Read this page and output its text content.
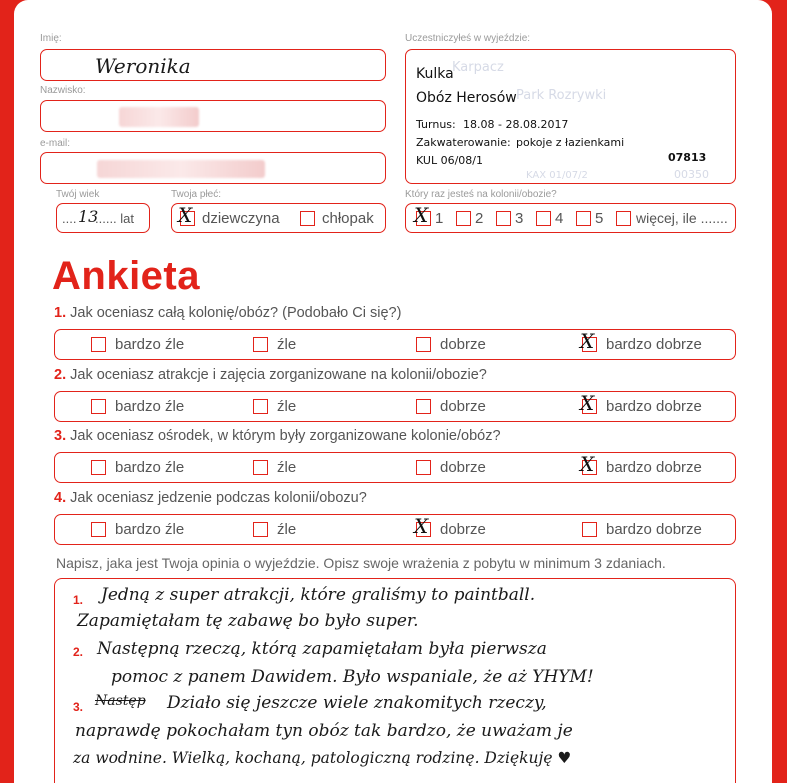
Imię:
Weronika
Nazwisko:
e-mail:
Twój wiek
.... 13
...... lat
Twoja płeć:
X dziewczyna	chłopak
Uczestniczyłeś w wyjeździe:
Karpacz
Park Rozrywki
KAX 01/07/2	00350
Kulka
Obóz Herosów
Turnus: 18.08 - 28.08.2017
Zakwaterowanie: pokoje z łazienkami
KUL 06/08/1	07813
Który raz jesteś na kolonii/obozie?
X 1 2 3 4 5 więcej, ile .......
Ankieta
1. Jak oceniasz całą kolonię/obóz? (Podobało Ci się?)
bardzo źle	źle	dobrze	X bardzo dobrze
2. Jak oceniasz atrakcje i zajęcia zorganizowane na kolonii/obozie?
bardzo źle	źle	dobrze	X bardzo dobrze
3. Jak oceniasz ośrodek, w którym były zorganizowane kolonie/obóz?
bardzo źle	źle	dobrze	X bardzo dobrze
4. Jak oceniasz jedzenie podczas kolonii/obozu?
bardzo źle	źle	X dobrze	bardzo dobrze
Napisz, jaka jest Twoja opinia o wyjeździe. Opisz swoje wrażenia z pobytu w minimum 3 zdaniach.
1.
2.
3.
Jedną z super atrakcji, które graliśmy to paintball.
Zapamiętałam tę zabawę bo było super.
Następną rzeczą, którą zapamiętałam była pierwsza
pomoc z panem Dawidem. Było wspaniale, że aż YHYM!
Następ Działo się jeszcze wiele znakomitych rzeczy,
naprawdę pokochałam tyn obóz tak bardzo, że uważam je
za wodnine. Wielką, kochaną, patologiczną rodzinę. Dziękuję ♥
